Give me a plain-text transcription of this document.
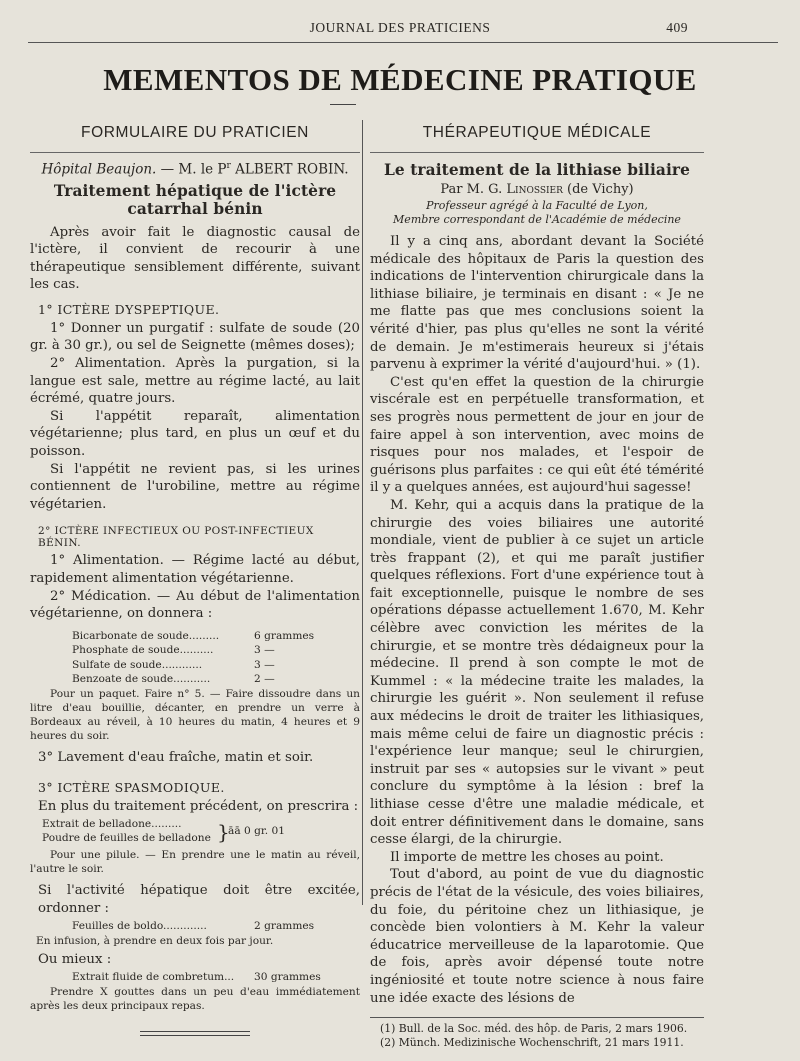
JOURNAL DES PRATICIENS	409
MEMENTOS DE MÉDECINE PRATIQUE
FORMULAIRE DU PRATICIEN

Hôpital Beaujon. — M. le $P^r$ ALBERT ROBIN.

Traitement hépatique de l'ictère catarrhal bénin

Après avoir fait le diagnostic causal de l'ictère, il convient de recourir à une thérapeutique sensiblement différente, suivant les cas.

1° ICTÈRE DYSPEPTIQUE.

1° Donner un purgatif : sulfate de soude (20 gr. à 30 gr.), ou sel de Seignette (mêmes doses);

2° Alimentation. Après la purgation, si la langue est sale, mettre au régime lacté, au lait écrémé, quatre jours.

Si l'appétit reparaît, alimentation végétarienne; plus tard, en plus un œuf et du poisson.

Si l'appétit ne revient pas, si les urines contiennent de l'urobiline, mettre au régime végétarien.

2° ICTÈRE INFECTIEUX OU POST-INFECTIEUX BÉNIN.

1° Alimentation. — Régime lacté au début, rapidement alimentation végétarienne.

2° Médication. — Au début de l'alimentation végétarienne, on donnera :

Bicarbonate de soude.........	6 grammes
Phosphate de soude..........	3 —
Sulfate de soude............	3 —
Benzoate de soude...........	2 —

Pour un paquet. Faire n° 5. — Faire dissoudre dans un litre d'eau bouillie, décanter, en prendre un verre à Bordeaux au réveil, à 10 heures du matin, 4 heures et 9 heures du soir.

3° Lavement d'eau fraîche, matin et soir.

3° ICTÈRE SPASMODIQUE.

En plus du traitement précédent, on prescrira :

Extrait de belladone.........
Poudre de feuilles de belladone }
āā 0 gr. 01

Pour une pilule. — En prendre une le matin au réveil, l'autre le soir.

Si l'activité hépatique doit être excitée, ordonner :

Feuilles de boldo.............	2 grammes

En infusion, à prendre en deux fois par jour.

Ou mieux :

Extrait fluide de combretum... 30 grammes

Prendre X gouttes dans un peu d'eau immédiatement après les deux principaux repas.

THÉRAPEUTIQUE MÉDICALE

Le traitement de la lithiase biliaire

Par M. G. Linossier (de Vichy)

Professeur agrégé à la Faculté de Lyon,

Membre correspondant de l'Académie de médecine

Il y a cinq ans, abordant devant la Société médicale des hôpitaux de Paris la question des indications de l'intervention chirurgicale dans la lithiase biliaire, je terminais en disant : « Je ne me flatte pas que mes conclusions soient la vérité d'hier, pas plus qu'elles ne sont la vérité de demain. Je m'estimerais heureux si j'étais parvenu à exprimer la vérité d'aujourd'hui. » (1).

C'est qu'en effet la question de la chirurgie viscérale est en perpétuelle transformation, et ses progrès nous permettent de jour en jour de faire appel à son intervention, avec moins de risques pour nos malades, et l'espoir de guérisons plus parfaites : ce qui eût été témérité il y a quelques années, est aujourd'hui sagesse!

M. Kehr, qui a acquis dans la pratique de la chirurgie des voies biliaires une autorité mondiale, vient de publier à ce sujet un article très frappant (2), et qui me paraît justifier quelques réflexions. Fort d'une expérience tout à fait exceptionnelle, puisque le nombre de ses opérations dépasse actuellement 1.670, M. Kehr célèbre avec conviction les mérites de la chirurgie, et se montre très dédaigneux pour la médecine. Il prend à son compte le mot de Kummel : « la médecine traite les malades, la chirurgie les guérit ». Non seulement il refuse aux médecins le droit de traiter les lithiasiques, mais même celui de faire un diagnostic précis : l'expérience leur manque; seul le chirurgien, instruit par ses « autopsies sur le vivant » peut conclure du symptôme à la lésion : bref la lithiase cesse d'être une maladie médicale, et doit entrer définitivement dans le domaine, sans cesse élargi, de la chirurgie.

Il importe de mettre les choses au point.

Tout d'abord, au point de vue du diagnostic précis de l'état de la vésicule, des voies biliaires, du foie, du péritoine chez un lithiasique, je concède bien volontiers à M. Kehr la valeur éducatrice merveilleuse de la laparotomie. Que de fois, après avoir dépensé toute notre ingéniosité et toute notre science à nous faire une idée exacte des lésions de

(1) Bull. de la Soc. méd. des hôp. de Paris, 2 mars 1906.

(2) Münch. Medizinische Wochenschrift, 21 mars 1911.
